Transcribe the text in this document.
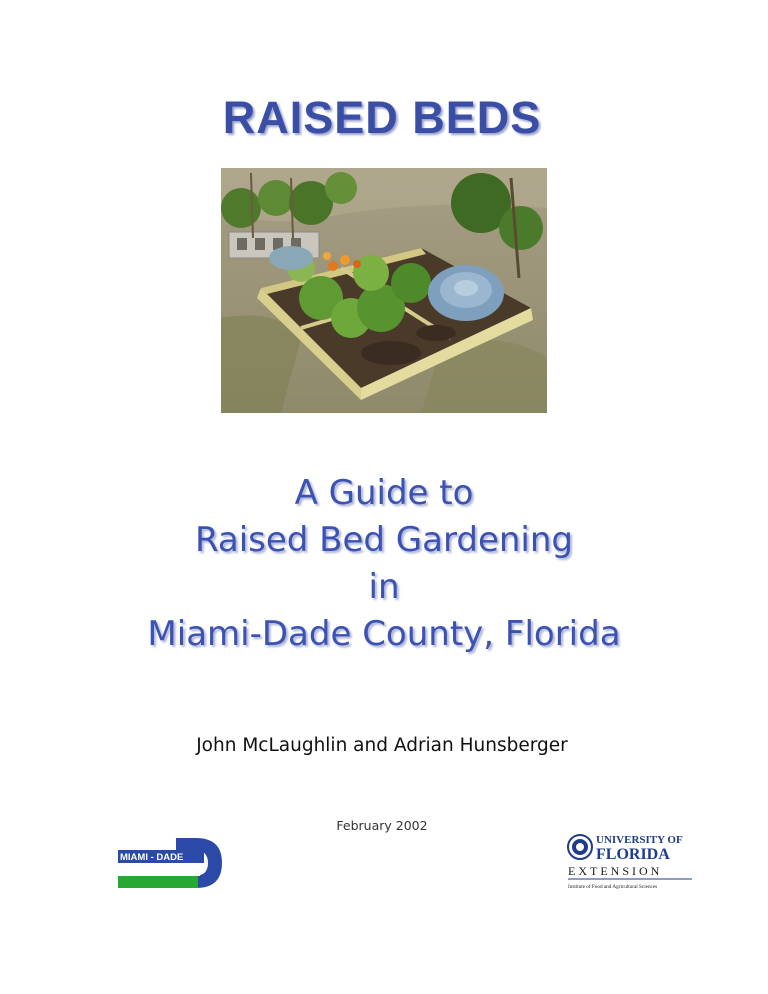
RAISED BEDS
A Guide to
Raised Bed Gardening
in
Miami-Dade County, Florida
John McLaughlin and Adrian Hunsberger
February 2002
MIAMI - DADE
UNIVERSITY OF
FLORIDA
EXTENSION
Institute of Food and Agricultural Sciences
